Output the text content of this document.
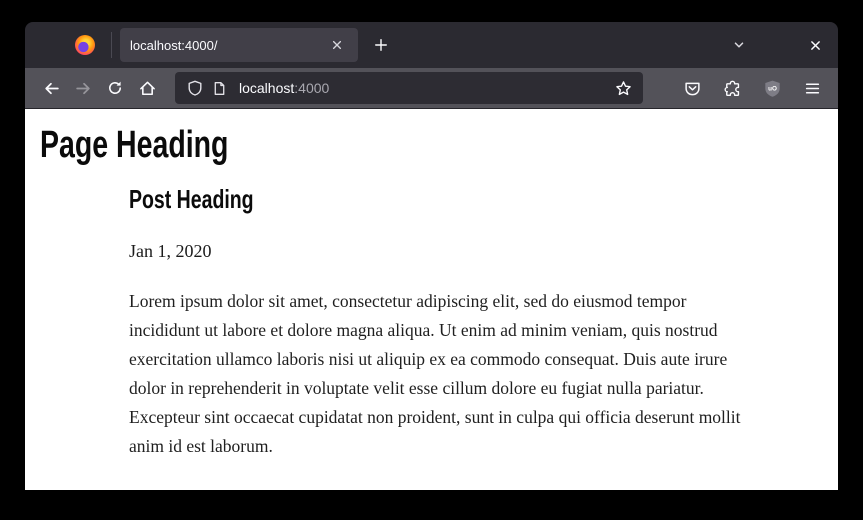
localhost:4000/
localhost:4000	uO
Page Heading
Post Heading
Jan 1, 2020
Lorem ipsum dolor sit amet, consectetur adipiscing elit, sed do eiusmod tempor incididunt ut labore et dolore magna aliqua. Ut enim ad minim veniam, quis nostrud exercitation ullamco laboris nisi ut aliquip ex ea commodo consequat. Duis aute irure dolor in reprehenderit in voluptate velit esse cillum dolore eu fugiat nulla pariatur. Excepteur sint occaecat cupidatat non proident, sunt in culpa qui officia deserunt mollit anim id est laborum.
